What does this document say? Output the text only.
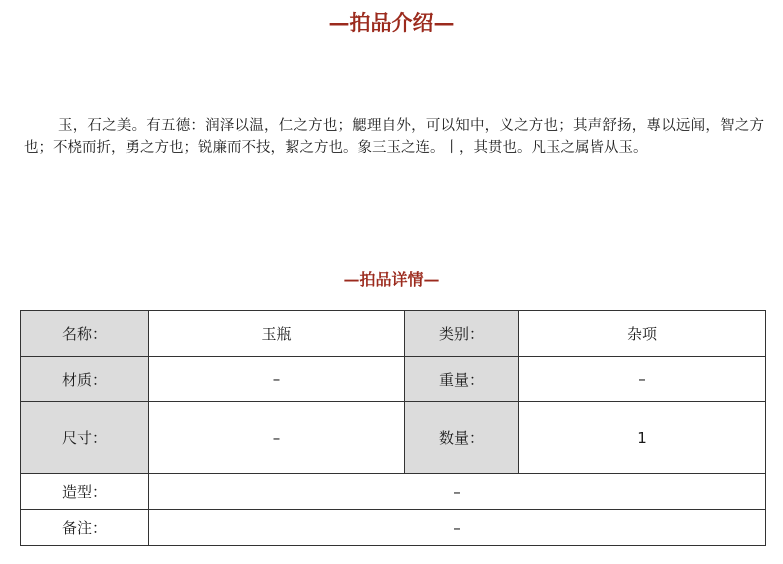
—拍品介绍—

玉，石之美。有五德：润泽以温，仁之方也；䚡理自外，可以知中，义之方也；其声舒扬，專以远闻，智之方也；不桡而折，勇之方也；锐廉而不技，絜之方也。象三玉之连。丨，其贯也。凡玉之属皆从玉。

—拍品详情—
名称：	玉瓶	类别：	杂项
材质：	–	重量：	–
尺寸：	–	数量：	1
造型：	–		
备注：	–		
